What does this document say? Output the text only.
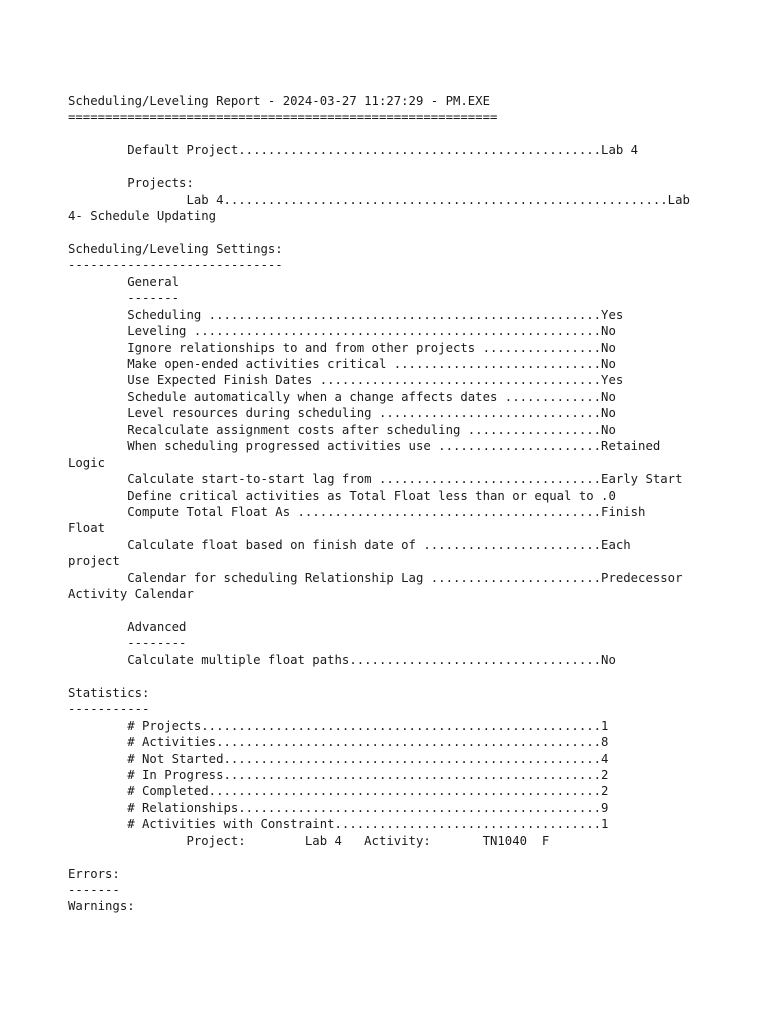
Scheduling/Leveling Report - 2024-03-27 11:27:29 - PM.EXE
==========================================================

Default Project.................................................Lab 4

Projects:
Lab 4............................................................Lab
4- Schedule Updating

Scheduling/Leveling Settings:
-----------------------------
General
-------
Scheduling .....................................................Yes
Leveling .......................................................No
Ignore relationships to and from other projects ................No
Make open-ended activities critical ............................No
Use Expected Finish Dates ......................................Yes
Schedule automatically when a change affects dates .............No
Level resources during scheduling ..............................No
Recalculate assignment costs after scheduling ..................No
When scheduling progressed activities use ......................Retained
Logic
Calculate start-to-start lag from ..............................Early Start
Define critical activities as Total Float less than or equal to .0
Compute Total Float As .........................................Finish
Float
Calculate float based on finish date of ........................Each
project
Calendar for scheduling Relationship Lag .......................Predecessor
Activity Calendar

Advanced
--------
Calculate multiple float paths..................................No

Statistics:
-----------
# Projects......................................................1
# Activities....................................................8
# Not Started...................................................4
# In Progress...................................................2
# Completed.....................................................2
# Relationships.................................................9
# Activities with Constraint....................................1
Project:        Lab 4   Activity:       TN1040  F

Errors:
-------
Warnings:
